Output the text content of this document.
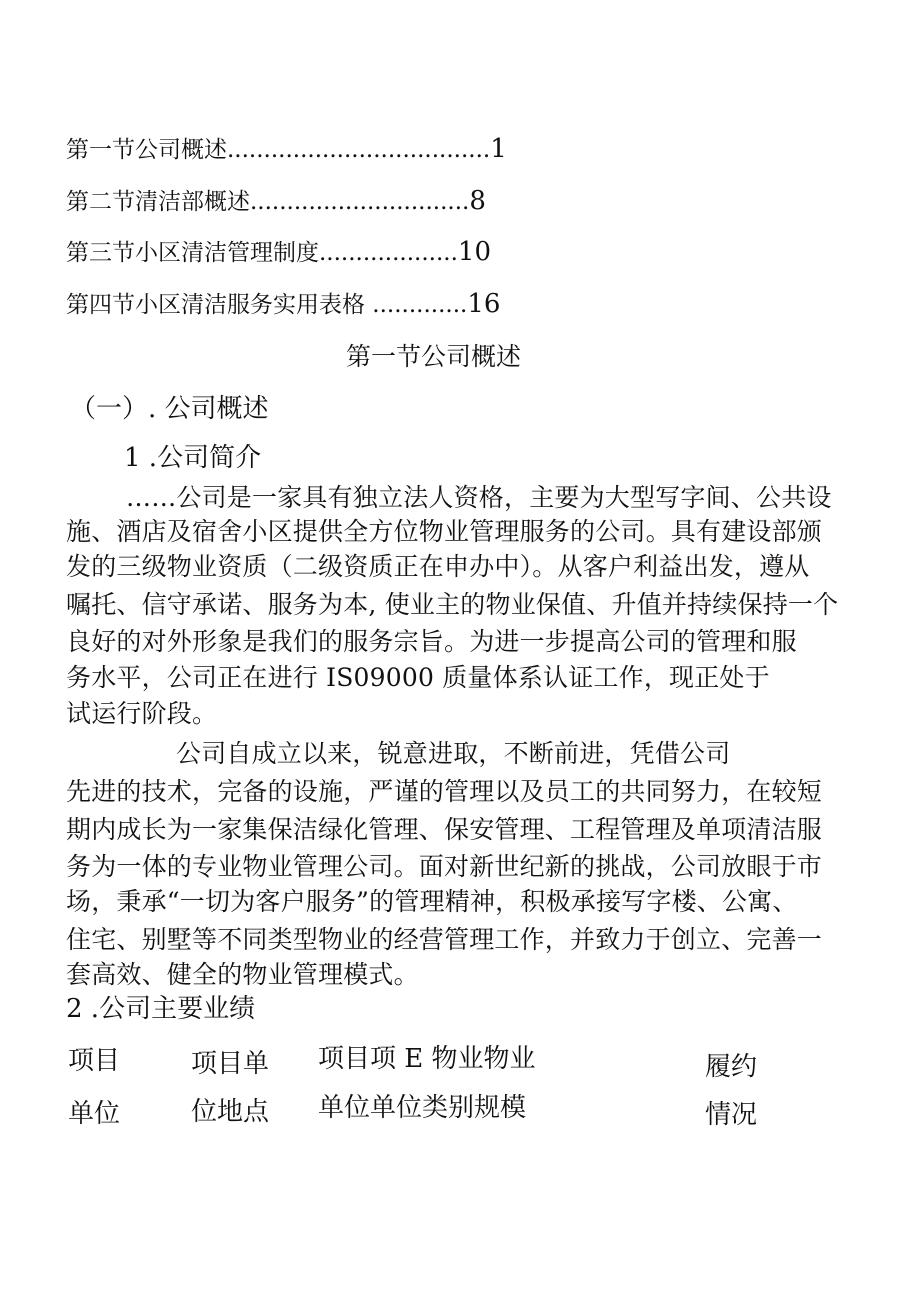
第一节公司概述....................................1
第二节清洁部概述..............................8
第三节小区清洁管理制度...................10
第四节小区清洁服务实用表格 .............16
第一节公司概述
（一）. 公司概述
1 .公司简介
……公司是一家具有独立法人资格，主要为大型写字间、公共设
施、酒店及宿舍小区提供全方位物业管理服务的公司。具有建设部颁
发的三级物业资质（二级资质正在申办中）。从客户利益出发，遵从
嘱托、信守承诺、服务为本, 使业主的物业保值、升值并持续保持一个
良好的对外形象是我们的服务宗旨。为进一步提高公司的管理和服
务水平，公司正在进行 IS09000 质量体系认证工作，现正处于
试运行阶段。
公司自成立以来，锐意进取，不断前进，凭借公司
先进的技术，完备的设施，严谨的管理以及员工的共同努力，在较短
期内成长为一家集保洁绿化管理、保安管理、工程管理及单项清洁服
务为一体的专业物业管理公司。面对新世纪新的挑战，公司放眼于市
场，秉承“一切为客户服务”的管理精神，积极承接写字楼、公寓、
住宅、别墅等不同类型物业的经营管理工作，并致力于创立、完善一
套高效、健全的物业管理模式。
2 .公司主要业绩
项目
单位
项目单
位地点
项目项 E 物业物业
单位单位类别规模
履约
情况
